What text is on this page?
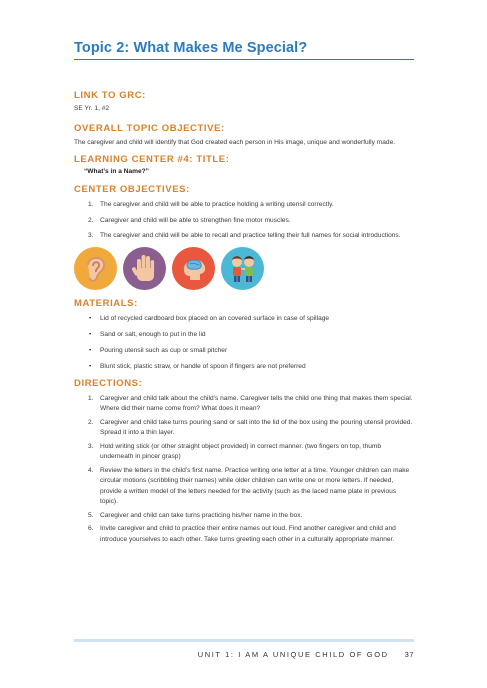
Topic 2: What Makes Me Special?

LINK TO GRC:

SE Yr. 1, #2

OVERALL TOPIC OBJECTIVE:

The caregiver and child will identify that God created each person in His image, unique and wonderfully made.

LEARNING CENTER #4: TITLE:

“What’s in a Name?”

CENTER OBJECTIVES:

1. The caregiver and child will be able to practice holding a writing utensil correctly.
2. Caregiver and child will be able to strengthen fine motor muscles.
3. The caregiver and child will be able to recall and practice telling their full names for social introductions.

MATERIALS:

• Lid of recycled cardboard box placed on an covered surface in case of spillage
• Sand or salt, enough to put in the lid
• Pouring utensil such as cup or small pitcher
• Blunt stick, plastic straw, or handle of spoon if fingers are not preferred

DIRECTIONS:

1. Caregiver and child talk about the child’s name. Caregiver tells the child one thing that makes them special. Where did their name come from? What does it mean?
2. Caregiver and child take turns pouring sand or salt into the lid of the box using the pouring utensil provided. Spread it into a thin layer.
3. Hold writing stick (or other straight object provided) in correct manner. (two fingers on top, thumb underneath in pincer grasp)
4. Review the letters in the child’s first name. Practice writing one letter at a time. Younger children can make circular motions (scribbling their names) while older children can write one or more letters. If needed, provide a written model of the letters needed for the activity (such as the laced name plate in previous topic).
5. Caregiver and child can take turns practicing his/her name in the box.
6. Invite caregiver and child to practice their entire names out loud. Find another caregiver and child and introduce yourselves to each other. Take turns greeting each other in a culturally appropriate manner.
UNIT 1: I AM A UNIQUE CHILD OF GOD 37
